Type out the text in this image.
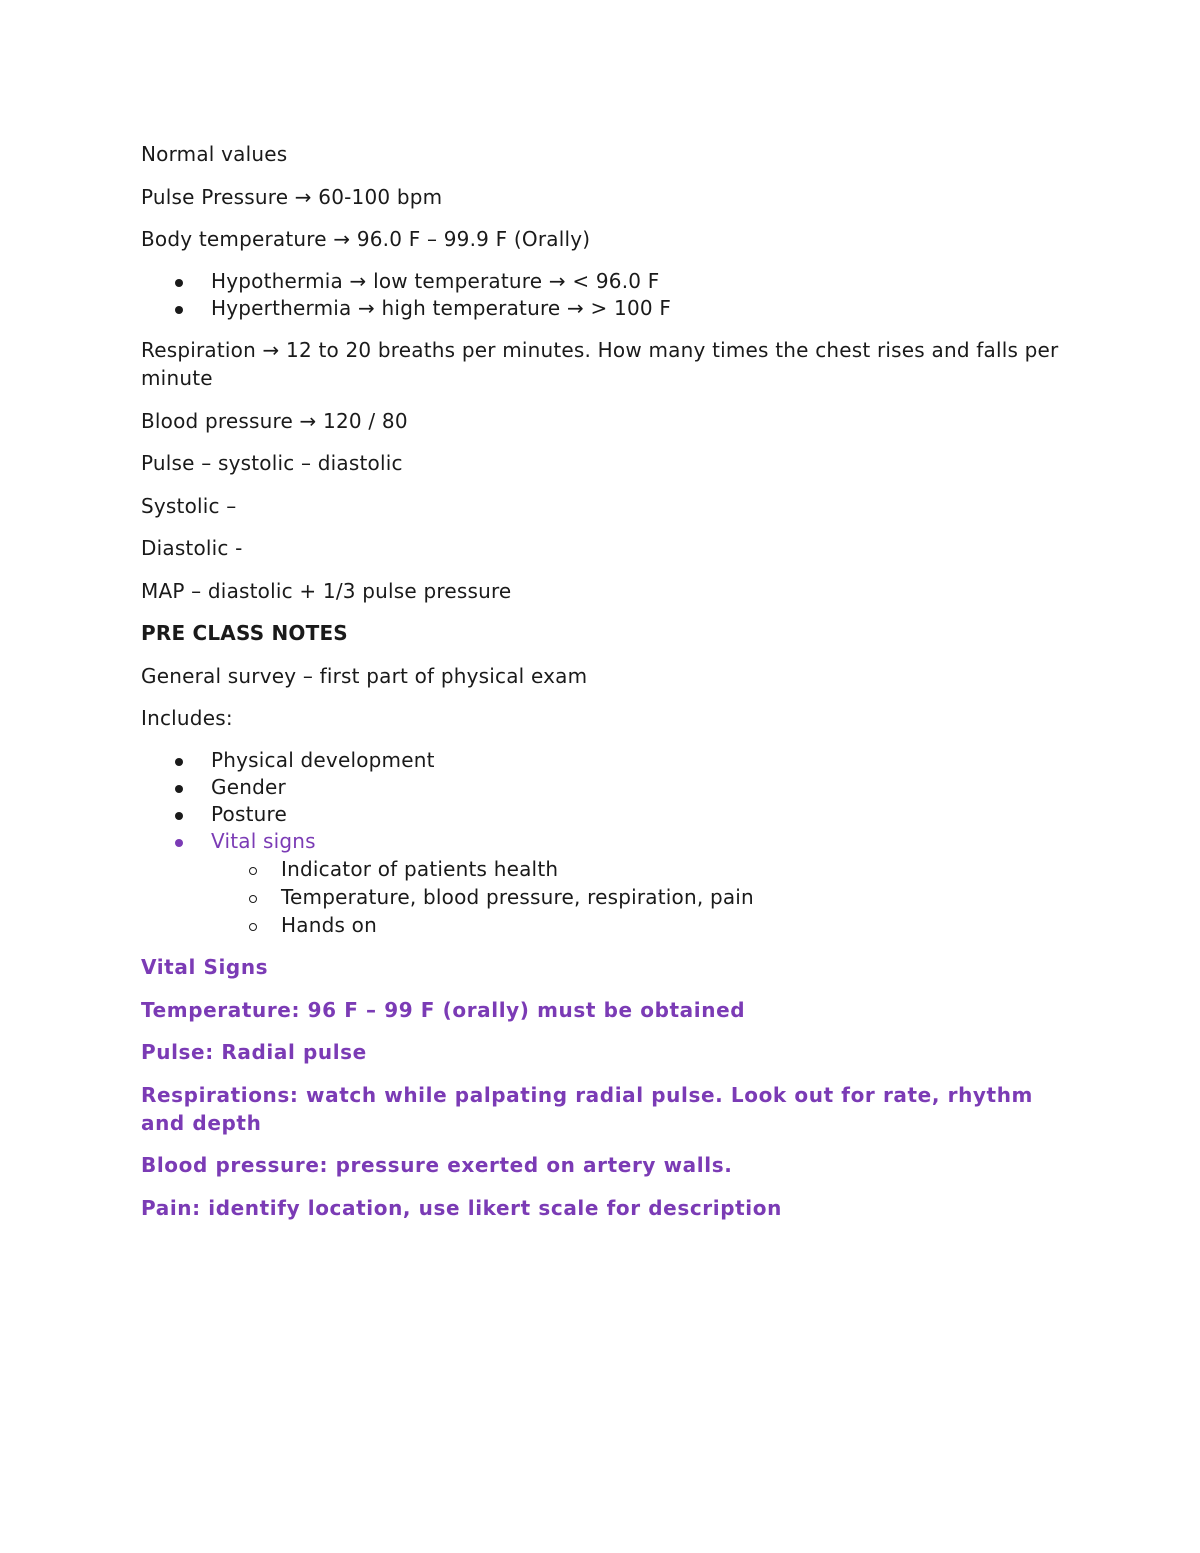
Normal values

Pulse Pressure → 60-100 bpm

Body temperature → 96.0 F – 99.9 F (Orally)

Hypothermia → low temperature → < 96.0 F
Hyperthermia → high temperature → > 100 F

Respiration → 12 to 20 breaths per minutes. How many times the chest rises and falls per minute

Blood pressure → 120 / 80

Pulse – systolic – diastolic

Systolic –

Diastolic -

MAP – diastolic + 1/3 pulse pressure

PRE CLASS NOTES

General survey – first part of physical exam

Includes:

Physical development
Gender
Posture
Vital signs
Indicator of patients health
Temperature, blood pressure, respiration, pain
Hands on

Vital Signs

Temperature: 96 F – 99 F (orally) must be obtained

Pulse: Radial pulse

Respirations: watch while palpating radial pulse. Look out for rate, rhythm and depth

Blood pressure: pressure exerted on artery walls.

Pain: identify location, use likert scale for description
